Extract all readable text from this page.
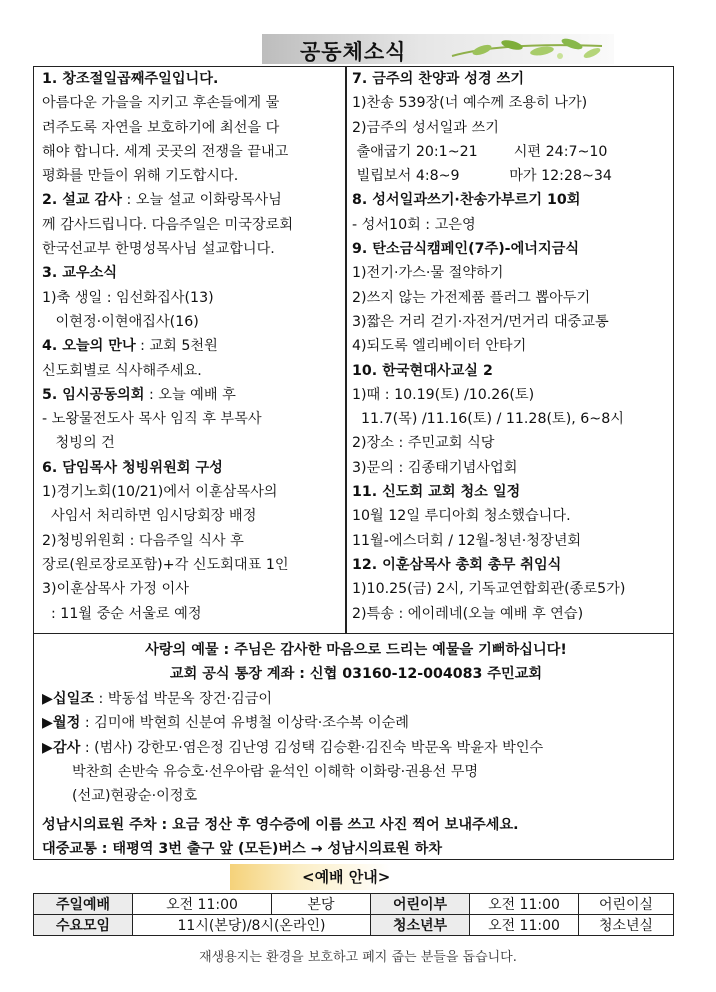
공동체소식
1. 창조절일곱째주일입니다.
아름다운 가을을 지키고 후손들에게 물
려주도록 자연을 보호하기에 최선을 다
해야 합니다. 세계 곳곳의 전쟁을 끝내고
평화를 만들이 위해 기도합시다.
2. 설교 감사 : 오늘 설교 이화랑목사님
께 감사드립니다. 다음주일은 미국장로회
한국선교부 한명성목사님 설교합니다.
3. 교우소식
1)축 생일 : 임선화집사(13)
이현정·이현애집사(16)
4. 오늘의 만나 : 교회 5천원
신도회별로 식사해주세요.
5. 임시공동의회 : 오늘 예배 후
- 노왕물전도사 목사 임직 후 부목사
청빙의 건
6. 담임목사 청빙위원회 구성
1)경기노회(10/21)에서 이훈삼목사의
사임서 처리하면 임시당회장 배정
2)청빙위원회 : 다음주일 식사 후
장로(원로장로포함)+각 신도회대표 1인
3)이훈삼목사 가정 이사
: 11월 중순 서울로 예정
7. 금주의 찬양과 성경 쓰기
1)찬송 539장(너 예수께 조용히 나가)
2)금주의 성서일과 쓰기
출애굽기 20:1~21        시편 24:7~10
빌립보서 4:8~9           마가 12:28~34
8. 성서일과쓰기·찬송가부르기 10회
- 성서10회 : 고은영
9. 탄소금식캠페인(7주)-에너지금식
1)전기·가스·물 절약하기
2)쓰지 않는 가전제품 플러그 뽑아두기
3)짧은 거리 걷기·자전거/먼거리 대중교통
4)되도록 엘리베이터 안타기
10. 한국현대사교실 2
1)때 : 10.19(토) /10.26(토)
11.7(목) /11.16(토) / 11.28(토), 6~8시
2)장소 : 주민교회 식당
3)문의 : 김종태기념사업회
11. 신도회 교회 청소 일정
10월 12일 루디아회 청소했습니다.
11월-에스더회 / 12월-청년·청장년회
12. 이훈삼목사 총회 총무 취임식
1)10.25(금) 2시, 기독교연합회관(종로5가)
2)특송 : 에이레네(오늘 예배 후 연습)
사랑의 예물 : 주님은 감사한 마음으로 드리는 예물을 기뻐하십니다!
교회 공식 통장 계좌 : 신협 03160-12-004083 주민교회
▶십일조 : 박동섭 박문옥 장건·김금이
▶월정 : 김미애 박현희 신분여 유병철 이상락·조수복 이순례
▶감사 : (범사) 강한모·염은정 김난영 김성택 김승환·김진숙 박문옥 박윤자 박인수
박찬희 손반숙 유승호·선우아람 윤석인 이해학 이화랑·권용선 무명
(선교)현광순·이정호
성남시의료원 주차 : 요금 정산 후 영수증에 이름 쓰고 사진 찍어 보내주세요.
대중교통 : 태평역 3번 출구 앞 (모든)버스 → 성남시의료원 하차
<예배 안내>
주일예배	오전 11:00	본당	어린이부	오전 11:00	어린이실
수요모임	11시(본당)/8시(온라인)		청소년부	오전 11:00	청소년실
재생용지는 환경을 보호하고 폐지 줍는 분들을 돕습니다.
